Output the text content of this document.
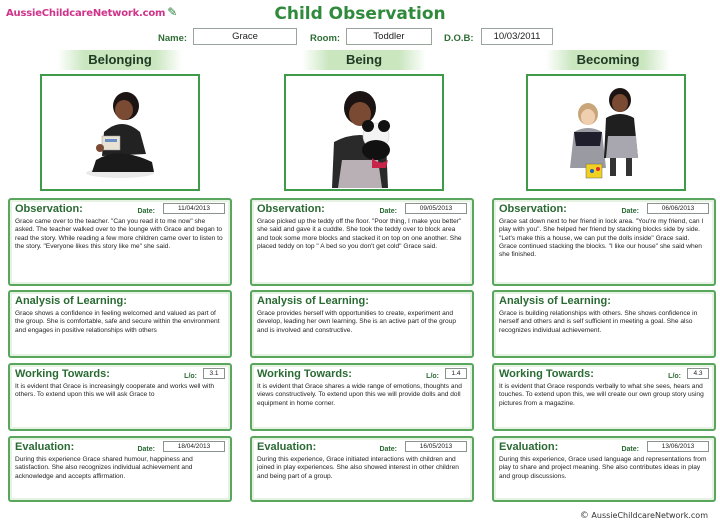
AussieChildcareNetwork.com ✎	Child Observation
Name:	Grace	Room:	Toddler	D.O.B:	10/03/2011
Belonging	Being	Becoming
Observation:	Date:	11/04/2013
Grace came over to the teacher. "Can you read it to me now" she asked. The teacher walked over to the lounge with Grace and began to read the story. While reading a few more children came over to listen to the story. "Everyone likes this story like me" she said.
Analysis of Learning:
Grace shows a confidence in feeling welcomed and valued as part of the group. She is comfortable, safe and secure within the environment and engages in positive relationships with others
Working Towards:	L/o:	3.1
It is evident that Grace is increasingly cooperate and works well with others. To extend upon this we will ask Grace to
Evaluation:	Date:	18/04/2013
During this experience Grace shared humour, happiness and satisfaction. She also recognizes individual achievement and acknowledge and accepts affirmation.
Observation:	Date:	09/05/2013
Grace picked up the teddy off the floor. "Poor thing, I make you better" she said and gave it a cuddle. She took the teddy over to block area and took some more blocks and stacked it on top on one another. She placed teddy on top " A bed so you don't get cold" Grace said.
Analysis of Learning:
Grace provides herself with opportunities to create, experiment and develop, leading her own learning. She is an active part of the group and is involved and constructive.
Working Towards:	L/o:	1.4
It is evident that Grace shares a wide range of emotions, thoughts and views constructively. To extend upon this we will provide dolls and doll equipment in home corner.
Evaluation:	Date:	16/05/2013
During this experience, Grace initiated interactions with children and joined in play experiences. She also showed interest in other children and being part of a group.
Observation:	Date:	06/06/2013
Grace sat down next to her friend in lock area. "You're my friend, can I play with you". She helped her friend by stacking blocks side by side. "Let's make this a house, we can put the dolls inside" Grace said. Grace continued stacking the blocks. "I like our house" she said when she finished.
Analysis of Learning:
Grace is building relationships with others. She shows confidence in herself and others and is self sufficient in meeting a goal. She also recognizes individual achievement.
Working Towards:	L/o:	4.3
It is evident that Grace responds verbally to what she sees, hears and touches. To extend upon this, we will create our own group story using pictures from a magazine.
Evaluation:	Date:	13/06/2013
During this experience, Grace used language and representations from play to share and project meaning. She also contributes ideas in play and group discussions.
© AussieChildcareNetwork.com
